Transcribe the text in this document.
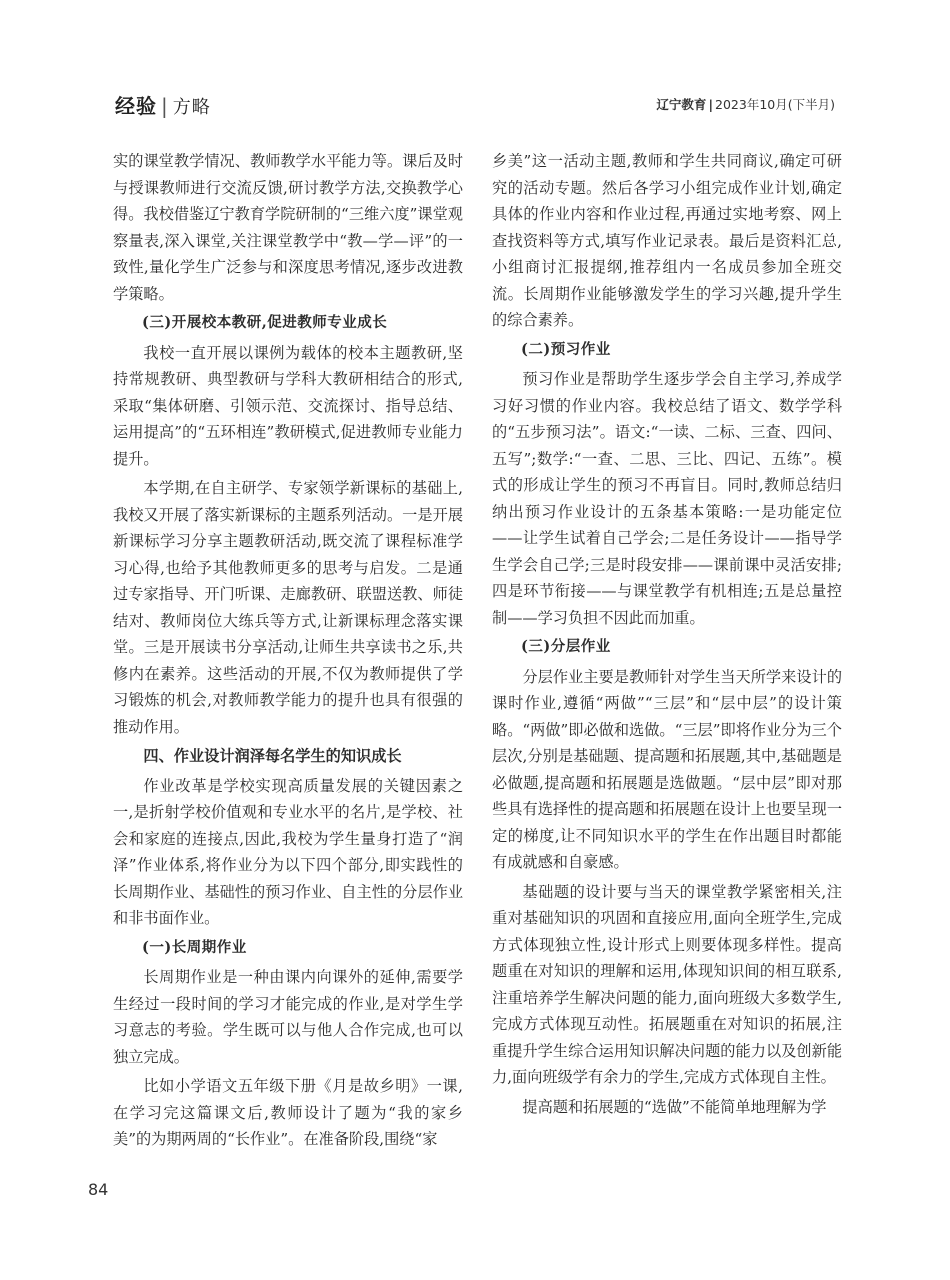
经验 | 方略	辽宁教育 | 2023年10月(下半月)

实的课堂教学情况、教师教学水平能力等。课后及时与授课教师进行交流反馈,研讨教学方法,交换教学心得。我校借鉴辽宁教育学院研制的“三维六度”课堂观察量表,深入课堂,关注课堂教学中“教—学—评”的一致性,量化学生广泛参与和深度思考情况,逐步改进教学策略。

(三)开展校本教研,促进教师专业成长

我校一直开展以课例为载体的校本主题教研,坚持常规教研、典型教研与学科大教研相结合的形式,采取“集体研磨、引领示范、交流探讨、指导总结、运用提高”的“五环相连”教研模式,促进教师专业能力提升。

本学期,在自主研学、专家领学新课标的基础上,我校又开展了落实新课标的主题系列活动。一是开展新课标学习分享主题教研活动,既交流了课程标准学习心得,也给予其他教师更多的思考与启发。二是通过专家指导、开门听课、走廊教研、联盟送教、师徒结对、教师岗位大练兵等方式,让新课标理念落实课堂。三是开展读书分享活动,让师生共享读书之乐,共修内在素养。这些活动的开展,不仅为教师提供了学习锻炼的机会,对教师教学能力的提升也具有很强的推动作用。

四、作业设计润泽每名学生的知识成长

作业改革是学校实现高质量发展的关键因素之一,是折射学校价值观和专业水平的名片,是学校、社会和家庭的连接点,因此,我校为学生量身打造了“润泽”作业体系,将作业分为以下四个部分,即实践性的长周期作业、基础性的预习作业、自主性的分层作业和非书面作业。

(一)长周期作业

长周期作业是一种由课内向课外的延伸,需要学生经过一段时间的学习才能完成的作业,是对学生学习意志的考验。学生既可以与他人合作完成,也可以独立完成。

比如小学语文五年级下册《月是故乡明》一课,在学习完这篇课文后,教师设计了题为“我的家乡美”的为期两周的“长作业”。在准备阶段,围绕“家

乡美”这一活动主题,教师和学生共同商议,确定可研究的活动专题。然后各学习小组完成作业计划,确定具体的作业内容和作业过程,再通过实地考察、网上查找资料等方式,填写作业记录表。最后是资料汇总,小组商讨汇报提纲,推荐组内一名成员参加全班交流。长周期作业能够激发学生的学习兴趣,提升学生的综合素养。

(二)预习作业

预习作业是帮助学生逐步学会自主学习,养成学习好习惯的作业内容。我校总结了语文、数学学科的“五步预习法”。语文:“一读、二标、三查、四问、五写”;数学:“一查、二思、三比、四记、五练”。模式的形成让学生的预习不再盲目。同时,教师总结归纳出预习作业设计的五条基本策略:一是功能定位——让学生试着自己学会;二是任务设计——指导学生学会自己学;三是时段安排——课前课中灵活安排;四是环节衔接——与课堂教学有机相连;五是总量控制——学习负担不因此而加重。

(三)分层作业

分层作业主要是教师针对学生当天所学来设计的课时作业,遵循“两做”“三层”和“层中层”的设计策略。“两做”即必做和选做。“三层”即将作业分为三个层次,分别是基础题、提高题和拓展题,其中,基础题是必做题,提高题和拓展题是选做题。“层中层”即对那些具有选择性的提高题和拓展题在设计上也要呈现一定的梯度,让不同知识水平的学生在作出题目时都能有成就感和自豪感。

基础题的设计要与当天的课堂教学紧密相关,注重对基础知识的巩固和直接应用,面向全班学生,完成方式体现独立性,设计形式上则要体现多样性。提高题重在对知识的理解和运用,体现知识间的相互联系,注重培养学生解决问题的能力,面向班级大多数学生,完成方式体现互动性。拓展题重在对知识的拓展,注重提升学生综合运用知识解决问题的能力以及创新能力,面向班级学有余力的学生,完成方式体现自主性。

提高题和拓展题的“选做”不能简单地理解为学

84
